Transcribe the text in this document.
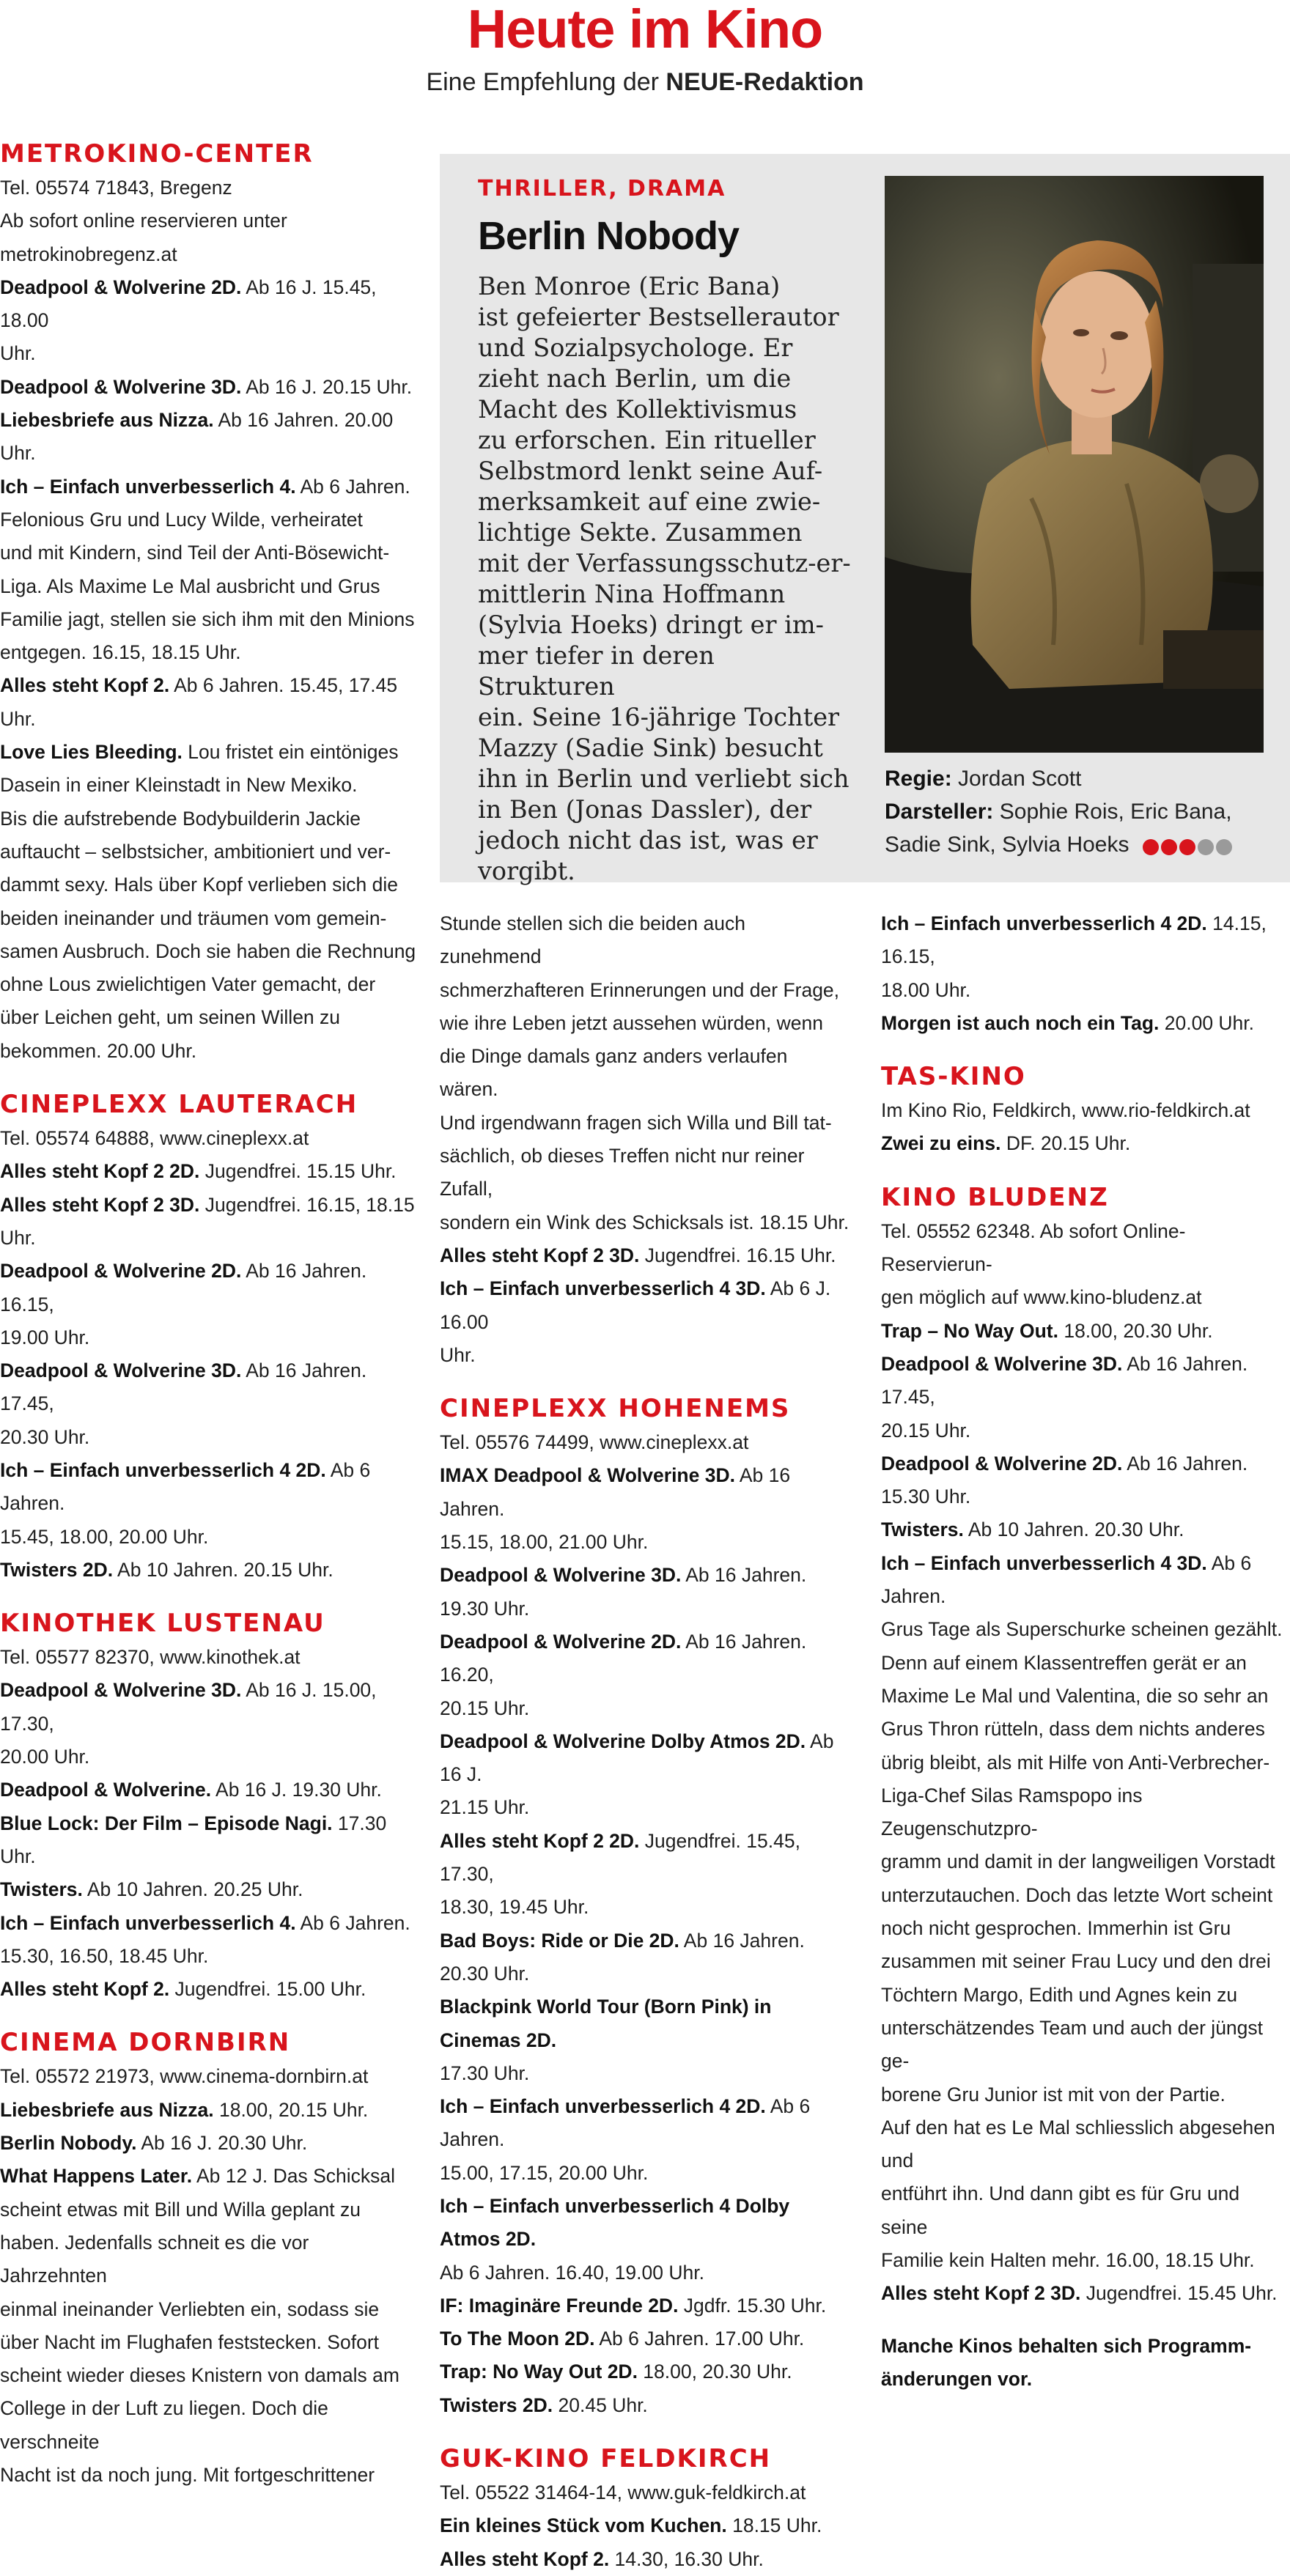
Heute im Kino
Eine Empfehlung der NEUE-Redaktion
METROKINO-CENTER
Tel. 05574 71843, Bregenz
Ab sofort online reservieren unter
metrokinobregenz.at
Deadpool & Wolverine 2D. Ab 16 J. 15.45, 18.00
Uhr.
Deadpool & Wolverine 3D. Ab 16 J. 20.15 Uhr.
Liebesbriefe aus Nizza. Ab 16 Jahren. 20.00 Uhr.
Ich – Einfach unverbesserlich 4. Ab 6 Jahren.
Felonious Gru und Lucy Wilde, verheiratet
und mit Kindern, sind Teil der Anti-Bösewicht-
Liga. Als Maxime Le Mal ausbricht und Grus
Familie jagt, stellen sie sich ihm mit den Minions
entgegen. 16.15, 18.15 Uhr.
Alles steht Kopf 2. Ab 6 Jahren. 15.45, 17.45 Uhr.
Love Lies Bleeding. Lou fristet ein eintöniges
Dasein in einer Kleinstadt in New Mexiko.
Bis die aufstrebende Bodybuilderin Jackie
auftaucht – selbstsicher, ambitioniert und ver-
dammt sexy. Hals über Kopf verlieben sich die
beiden ineinander und träumen vom gemein-
samen Ausbruch. Doch sie haben die Rechnung
ohne Lous zwielichtigen Vater gemacht, der
über Leichen geht, um seinen Willen zu
bekommen. 20.00 Uhr.
CINEPLEXX LAUTERACH
Tel. 05574 64888, www.cineplexx.at
Alles steht Kopf 2 2D. Jugendfrei. 15.15 Uhr.
Alles steht Kopf 2 3D. Jugendfrei. 16.15, 18.15
Uhr.
Deadpool & Wolverine 2D. Ab 16 Jahren. 16.15,
19.00 Uhr.
Deadpool & Wolverine 3D. Ab 16 Jahren. 17.45,
20.30 Uhr.
Ich – Einfach unverbesserlich 4 2D. Ab 6 Jahren.
15.45, 18.00, 20.00 Uhr.
Twisters 2D. Ab 10 Jahren. 20.15 Uhr.
KINOTHEK LUSTENAU
Tel. 05577 82370, www.kinothek.at
Deadpool & Wolverine 3D. Ab 16 J. 15.00, 17.30,
20.00 Uhr.
Deadpool & Wolverine. Ab 16 J. 19.30 Uhr.
Blue Lock: Der Film – Episode Nagi. 17.30 Uhr.
Twisters. Ab 10 Jahren. 20.25 Uhr.
Ich – Einfach unverbesserlich 4. Ab 6 Jahren.
15.30, 16.50, 18.45 Uhr.
Alles steht Kopf 2. Jugendfrei. 15.00 Uhr.
CINEMA DORNBIRN
Tel. 05572 21973, www.cinema-dornbirn.at
Liebesbriefe aus Nizza. 18.00, 20.15 Uhr.
Berlin Nobody. Ab 16 J. 20.30 Uhr.
What Happens Later. Ab 12 J. Das Schicksal
scheint etwas mit Bill und Willa geplant zu
haben. Jedenfalls schneit es die vor Jahrzehnten
einmal ineinander Verliebten ein, sodass sie
über Nacht im Flughafen feststecken. Sofort
scheint wieder dieses Knistern von damals am
College in der Luft zu liegen. Doch die verschneite
Nacht ist da noch jung. Mit fortgeschrittener
THRILLER, DRAMA
Berlin Nobody

Ben Monroe (Eric Bana)

ist gefeierter Bestsellerautor

und Sozialpsychologe. Er

zieht nach Berlin, um die

Macht des Kollektivismus

zu erforschen. Ein ritueller

Selbstmord lenkt seine Auf-

merksamkeit auf eine zwie-

lichtige Sekte. Zusammen

mit der Verfassungsschutz-er-

mittlerin Nina Hoffmann

(Sylvia Hoeks) dringt er im-

mer tiefer in deren Strukturen

ein. Seine 16-jährige Tochter

Mazzy (Sadie Sink) besucht

ihn in Berlin und verliebt sich

in Ben (Jonas Dassler), der

jedoch nicht das ist, was er

vorgibt.

Regie: Jordan Scott
Darsteller: Sophie Rois, Eric Bana,
Sadie Sink, Sylvia Hoeks
Stunde stellen sich die beiden auch zunehmend
schmerzhafteren Erinnerungen und der Frage,
wie ihre Leben jetzt aussehen würden, wenn
die Dinge damals ganz anders verlaufen wären.
Und irgendwann fragen sich Willa und Bill tat-
sächlich, ob dieses Treffen nicht nur reiner Zufall,
sondern ein Wink des Schicksals ist. 18.15 Uhr.
Alles steht Kopf 2 3D. Jugendfrei. 16.15 Uhr.
Ich – Einfach unverbesserlich 4 3D. Ab 6 J. 16.00
Uhr.
CINEPLEXX HOHENEMS
Tel. 05576 74499, www.cineplexx.at
IMAX Deadpool & Wolverine 3D. Ab 16 Jahren.
15.15, 18.00, 21.00 Uhr.
Deadpool & Wolverine 3D. Ab 16 Jahren. 19.30 Uhr.
Deadpool & Wolverine 2D. Ab 16 Jahren. 16.20,
20.15 Uhr.
Deadpool & Wolverine Dolby Atmos 2D. Ab 16 J.
21.15 Uhr.
Alles steht Kopf 2 2D. Jugendfrei. 15.45, 17.30,
18.30, 19.45 Uhr.
Bad Boys: Ride or Die 2D. Ab 16 Jahren. 20.30 Uhr.
Blackpink World Tour (Born Pink) in Cinemas 2D.
17.30 Uhr.
Ich – Einfach unverbesserlich 4 2D. Ab 6 Jahren.
15.00, 17.15, 20.00 Uhr.
Ich – Einfach unverbesserlich 4 Dolby Atmos 2D.
Ab 6 Jahren. 16.40, 19.00 Uhr.
IF: Imaginäre Freunde 2D. Jgdfr. 15.30 Uhr.
To The Moon 2D. Ab 6 Jahren. 17.00 Uhr.
Trap: No Way Out 2D. 18.00, 20.30 Uhr.
Twisters 2D. 20.45 Uhr.
GUK-KINO FELDKIRCH
Tel. 05522 31464-14, www.guk-feldkirch.at
Ein kleines Stück vom Kuchen. 18.15 Uhr.
Alles steht Kopf 2. 14.30, 16.30 Uhr.
Ich – Einfach unverbesserlich 4 2D. 14.15, 16.15,
18.00 Uhr.
Morgen ist auch noch ein Tag. 20.00 Uhr.
TAS-KINO
Im Kino Rio, Feldkirch, www.rio-feldkirch.at
Zwei zu eins. DF. 20.15 Uhr.
KINO BLUDENZ
Tel. 05552 62348. Ab sofort Online-Reservierun-
gen möglich auf www.kino-bludenz.at
Trap – No Way Out. 18.00, 20.30 Uhr.
Deadpool & Wolverine 3D. Ab 16 Jahren. 17.45,
20.15 Uhr.
Deadpool & Wolverine 2D. Ab 16 Jahren. 15.30 Uhr.
Twisters. Ab 10 Jahren. 20.30 Uhr.
Ich – Einfach unverbesserlich 4 3D. Ab 6 Jahren.
Grus Tage als Superschurke scheinen gezählt.
Denn auf einem Klassentreffen gerät er an
Maxime Le Mal und Valentina, die so sehr an
Grus Thron rütteln, dass dem nichts anderes
übrig bleibt, als mit Hilfe von Anti-Verbrecher-
Liga-Chef Silas Ramspopo ins Zeugenschutzpro-
gramm und damit in der langweiligen Vorstadt
unterzutauchen. Doch das letzte Wort scheint
noch nicht gesprochen. Immerhin ist Gru
zusammen mit seiner Frau Lucy und den drei
Töchtern Margo, Edith und Agnes kein zu
unterschätzendes Team und auch der jüngst ge-
borene Gru Junior ist mit von der Partie.
Auf den hat es Le Mal schliesslich abgesehen und
entführt ihn. Und dann gibt es für Gru und seine
Familie kein Halten mehr. 16.00, 18.15 Uhr.
Alles steht Kopf 2 3D. Jugendfrei. 15.45 Uhr.
Manche Kinos behalten sich Programm-
änderungen vor.
